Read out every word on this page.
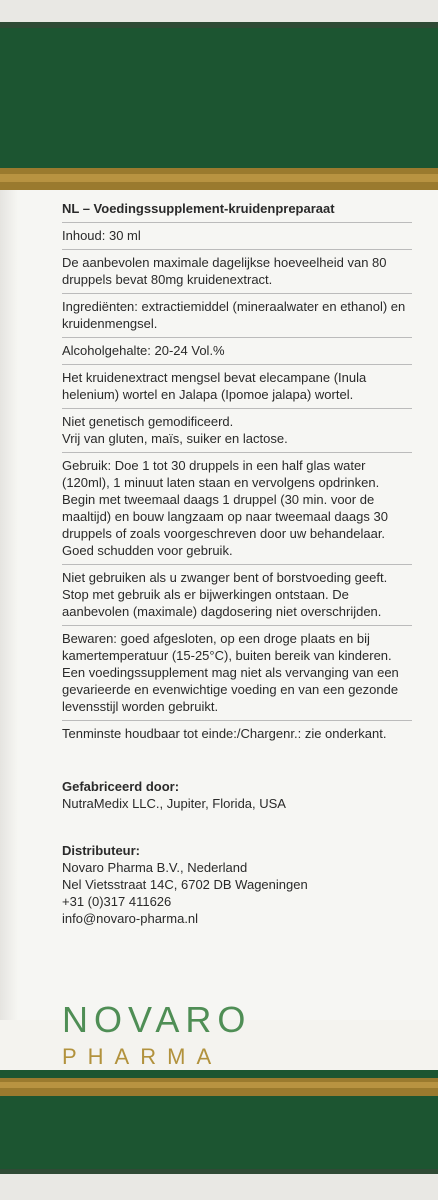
NL – Voedingssupplement-kruidenpreparaat

Inhoud: 30 ml

De aanbevolen maximale dagelijkse hoeveelheid van 80 druppels bevat 80mg kruidenextract.

Ingrediënten: extractiemiddel (mineraalwater en ethanol) en kruidenmengsel.

Alcoholgehalte: 20-24 Vol.%

Het kruidenextract mengsel bevat elecampane (Inula helenium) wortel en Jalapa (Ipomoe jalapa) wortel.

Niet genetisch gemodificeerd.

Vrij van gluten, maïs, suiker en lactose.

Gebruik: Doe 1 tot 30 druppels in een half glas water (120ml), 1 minuut laten staan en vervolgens opdrinken. Begin met tweemaal daags 1 druppel (30 min. voor de maaltijd) en bouw langzaam op naar tweemaal daags 30 druppels of zoals voorgeschreven door uw behandelaar. Goed schudden voor gebruik.

Niet gebruiken als u zwanger bent of borstvoeding geeft. Stop met gebruik als er bijwerkingen ontstaan. De aanbevolen (maximale) dagdosering niet overschrijden.

Bewaren: goed afgesloten, op een droge plaats en bij kamertemperatuur (15-25°C), buiten bereik van kinderen. Een voedingssupplement mag niet als vervanging van een gevarieerde en evenwichtige voeding en van een gezonde levensstijl worden gebruikt.

Tenminste houdbaar tot einde:/Chargenr.: zie onderkant.

Gefabriceerd door:

NutraMedix LLC., Jupiter, Florida, USA

Distributeur:

Novaro Pharma B.V., Nederland

Nel Vietsstraat 14C, 6702 DB Wageningen

+31 (0)317 411626

info@novaro-pharma.nl

NOVARO
PHARMA
